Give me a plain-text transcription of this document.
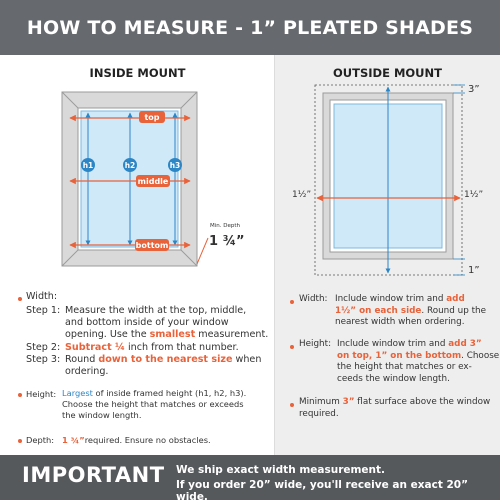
HOW TO MEASURE - 1” PLEATED SHADES
INSIDE MOUNT	OUTSIDE MOUNT
top
middle
bottom
h1	h2	h3
Min. Depth
1 ¾”
3”
1”
1½”	1½”
Width:
Step 1: Measure the width at the top, middle,
and bottom inside of your window
opening. Use the smallest measurement.
Step 2: Subtract ¼ inch from that number.
Step 3: Round down to the nearest size when
ordering.
Height: Largest of inside framed height (h1, h2, h3).
Choose the height that matches or exceeds
the window length.
Depth: 1 ¾”required. Ensure no obstacles.
Width: Include window trim and add
1½” on each side. Round up the
nearest width when ordering.
Height: Include window trim and add 3”
on top, 1” on the bottom. Choose
the height that matches or ex-
ceeds the window length.
Minimum 3” flat surface above the window
required.
IMPORTANT We ship exact width measurement.
If you order 20” wide, you'll receive an exact 20” wide.
